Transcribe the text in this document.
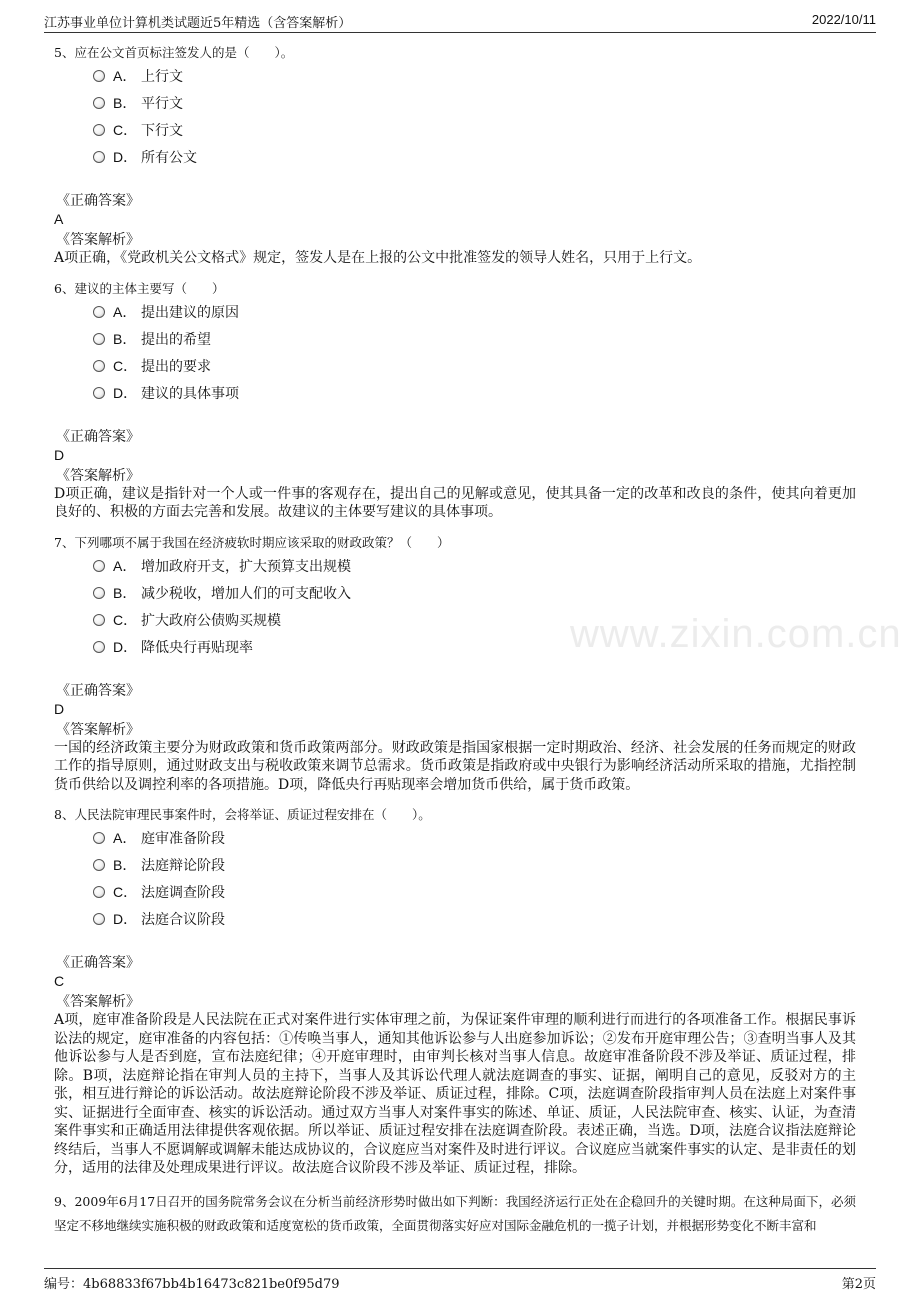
江苏事业单位计算机类试题近5年精选（含答案解析）	2022/10/11
www.zixin.com.cn
5、应在公文首页标注签发人的是（　　）。
A． 上行文
B． 平行文
C． 下行文
D． 所有公文
《正确答案》
A
《答案解析》
A项正确，《党政机关公文格式》规定，签发人是在上报的公文中批准签发的领导人姓名，只用于上行文。
6、建议的主体主要写（　　）
A． 提出建议的原因
B． 提出的希望
C． 提出的要求
D． 建议的具体事项
《正确答案》
D
《答案解析》
D项正确，建议是指针对一个人或一件事的客观存在，提出自己的见解或意见，使其具备一定的改革和改良的条件，使其向着更加良好的、积极的方面去完善和发展。故建议的主体要写建议的具体事项。
7、下列哪项不属于我国在经济疲软时期应该采取的财政政策？（　　）
A． 增加政府开支，扩大预算支出规模
B． 减少税收，增加人们的可支配收入
C． 扩大政府公债购买规模
D． 降低央行再贴现率
《正确答案》
D
《答案解析》
一国的经济政策主要分为财政政策和货币政策两部分。财政政策是指国家根据一定时期政治、经济、社会发展的任务而规定的财政工作的指导原则，通过财政支出与税收政策来调节总需求。货币政策是指政府或中央银行为影响经济活动所采取的措施，尤指控制货币供给以及调控利率的各项措施。D项，降低央行再贴现率会增加货币供给，属于货币政策。
8、人民法院审理民事案件时，会将举证、质证过程安排在（　　）。
A． 庭审准备阶段
B． 法庭辩论阶段
C． 法庭调查阶段
D． 法庭合议阶段
《正确答案》
C
《答案解析》
A项，庭审准备阶段是人民法院在正式对案件进行实体审理之前，为保证案件审理的顺利进行而进行的各项准备工作。根据民事诉讼法的规定，庭审准备的内容包括：①传唤当事人，通知其他诉讼参与人出庭参加诉讼；②发布开庭审理公告；③查明当事人及其他诉讼参与人是否到庭，宣布法庭纪律；④开庭审理时，由审判长核对当事人信息。故庭审准备阶段不涉及举证、质证过程，排除。B项，法庭辩论指在审判人员的主持下，当事人及其诉讼代理人就法庭调查的事实、证据，阐明自己的意见，反驳对方的主张，相互进行辩论的诉讼活动。故法庭辩论阶段不涉及举证、质证过程，排除。C项，法庭调查阶段指审判人员在法庭上对案件事实、证据进行全面审查、核实的诉讼活动。通过双方当事人对案件事实的陈述、单证、质证，人民法院审查、核实、认证，为查清案件事实和正确适用法律提供客观依据。所以举证、质证过程安排在法庭调查阶段。表述正确，当选。D项，法庭合议指法庭辩论终结后，当事人不愿调解或调解未能达成协议的，合议庭应当对案件及时进行评议。合议庭应当就案件事实的认定、是非责任的划分，适用的法律及处理成果进行评议。故法庭合议阶段不涉及举证、质证过程，排除。
9、2009年6月17日召开的国务院常务会议在分析当前经济形势时做出如下判断：我国经济运行正处在企稳回升的关键时期。在这种局面下，必须坚定不移地继续实施积极的财政政策和适度宽松的货币政策，全面贯彻落实好应对国际金融危机的一揽子计划，并根据形势变化不断丰富和
编号：4b68833f67bb4b16473c821be0f95d79	第2页
